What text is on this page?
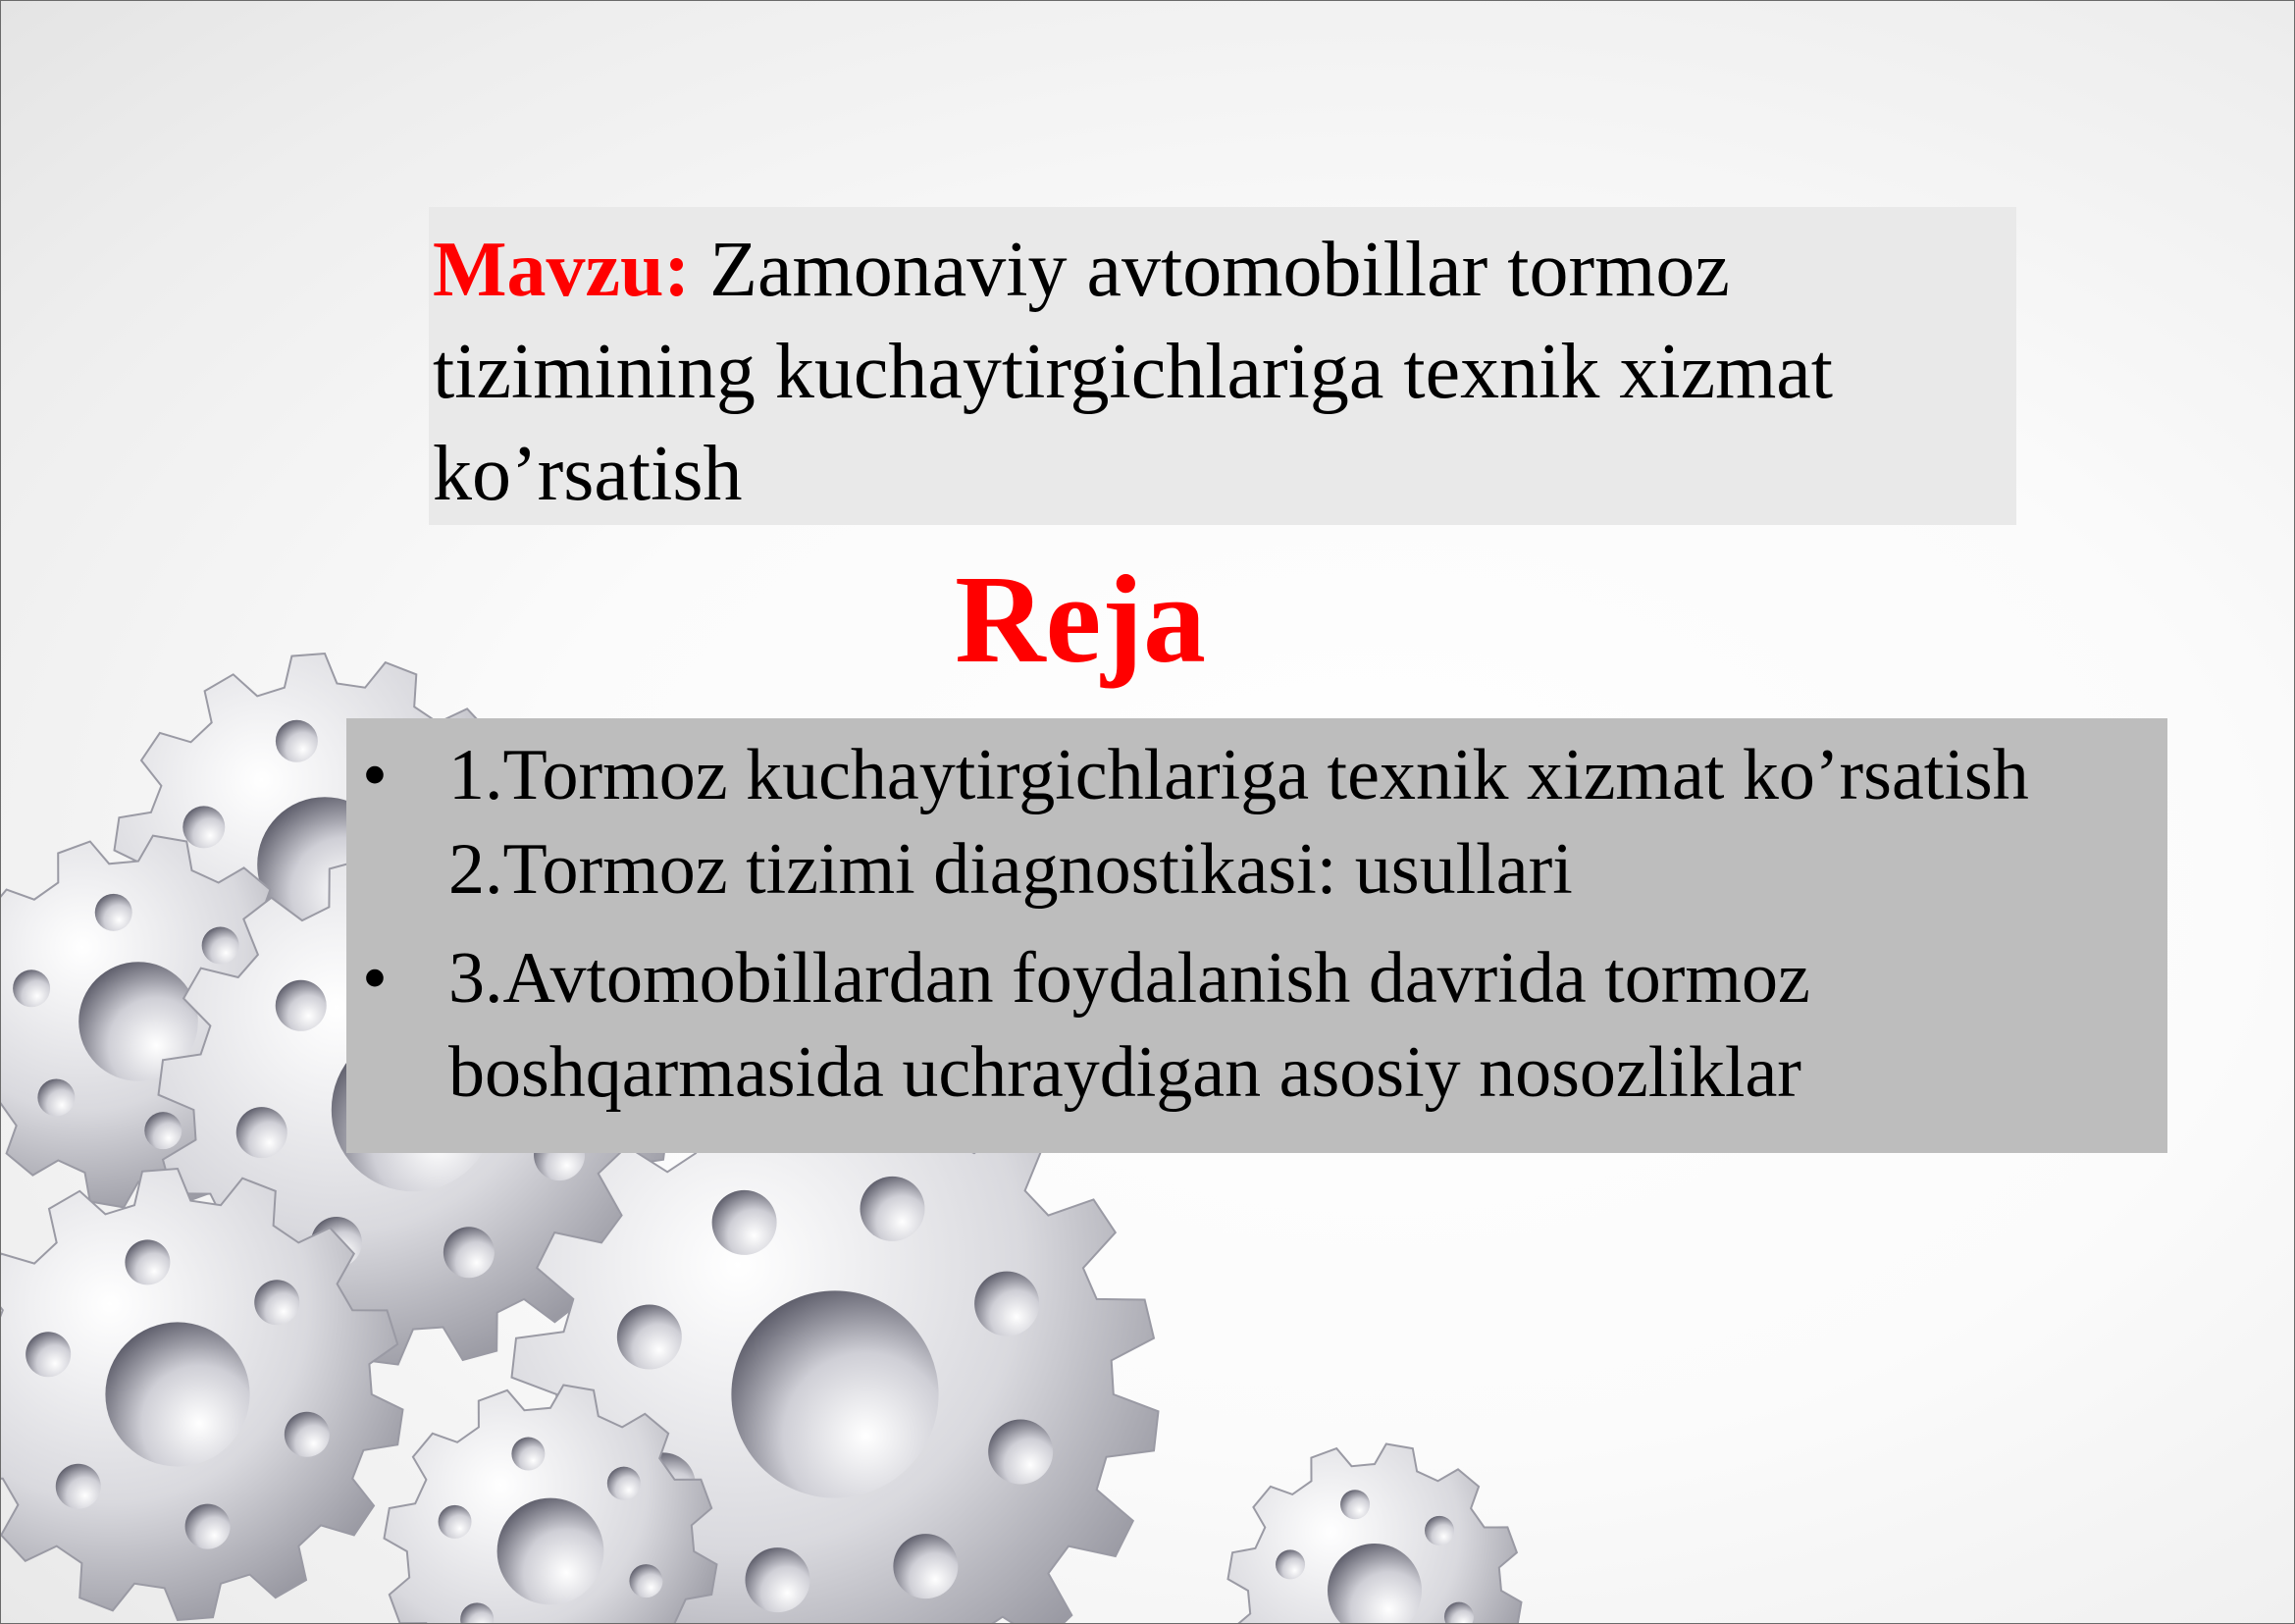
Mavzu: Zamonaviy avtomobillar tormoz
tizimining kuchaytirgichlariga texnik xizmat
ko’rsatish
Reja
• 1.Tormoz kuchaytirgichlariga texnik xizmat ko’rsatish
2.Tormoz tizimi diagnostikasi: usullari
• 3.Avtomobillardan foydalanish davrida tormoz
boshqarmasida uchraydigan asosiy nosozliklar
